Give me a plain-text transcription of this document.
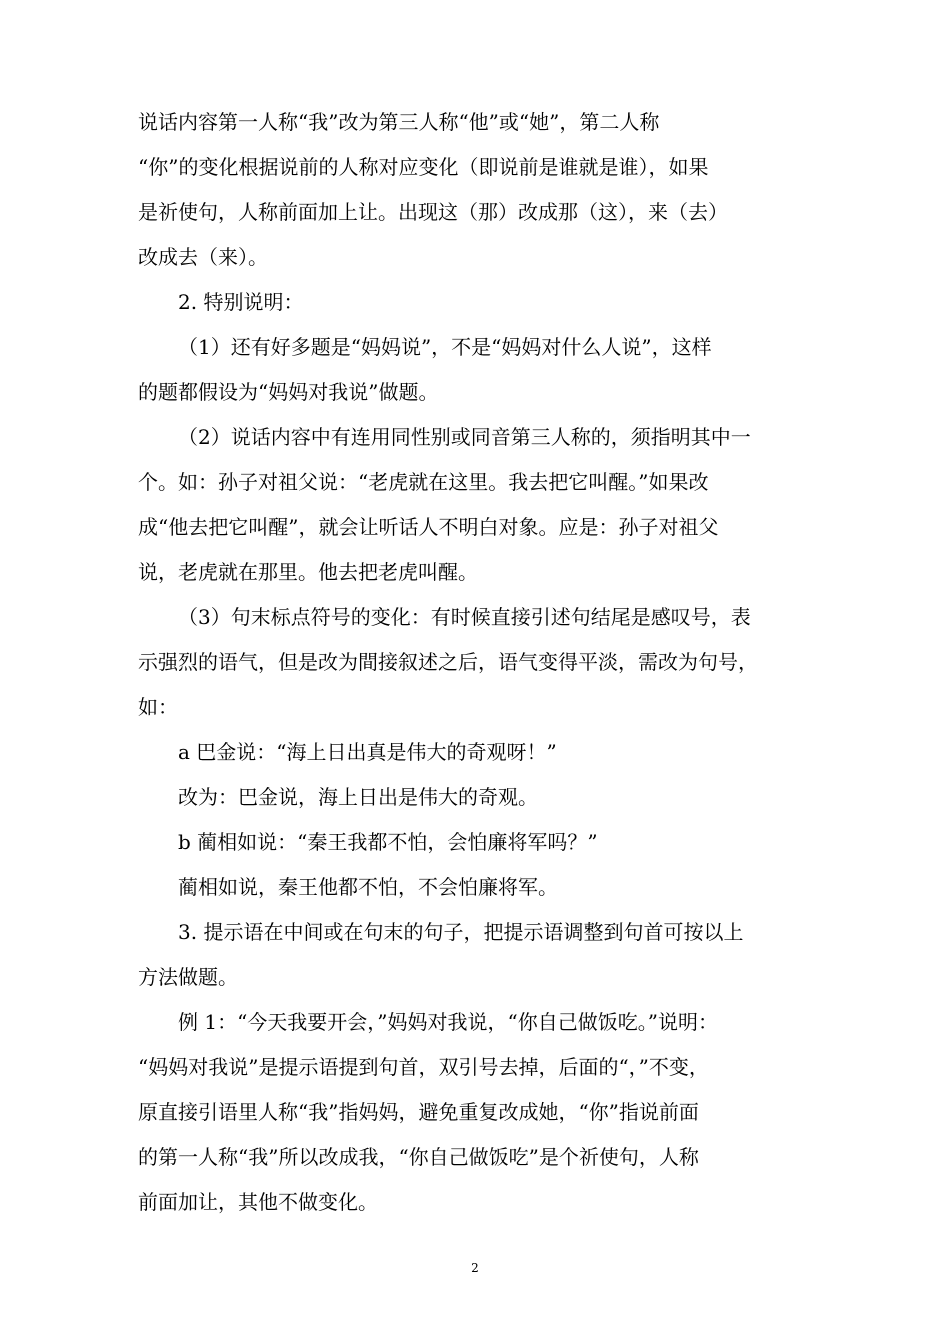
说话内容第一人称“我”改为第三人称“他”或“她”，第二人称
“你”的变化根据说前的人称对应变化（即说前是谁就是谁），如果
是祈使句，人称前面加上让。出现这（那）改成那（这），来（去）
改成去（来）。
2. 特别说明：
（1）还有好多题是“妈妈说”，不是“妈妈对什么人说”，这样
的题都假设为“妈妈对我说”做题。
（2）说话内容中有连用同性别或同音第三人称的，须指明其中一
个。如：孙子对祖父说：“老虎就在这里。我去把它叫醒。”如果改
成“他去把它叫醒”，就会让听话人不明白对象。应是：孙子对祖父
说，老虎就在那里。他去把老虎叫醒。
（3）句末标点符号的变化：有时候直接引述句结尾是感叹号，表
示强烈的语气，但是改为間接叙述之后，语气变得平淡，需改为句号，
如：
a 巴金说：“海上日出真是伟大的奇观呀！”
改为：巴金说，海上日出是伟大的奇观。
b 蔺相如说：“秦王我都不怕，会怕廉将军吗？”
蔺相如说，秦王他都不怕，不会怕廉将军。
3. 提示语在中间或在句末的句子，把提示语调整到句首可按以上
方法做题。
例 1：“今天我要开会，”妈妈对我说，“你自己做饭吃。”说明：
“妈妈对我说”是提示语提到句首，双引号去掉，后面的“，”不变，
原直接引语里人称“我”指妈妈，避免重复改成她，“你”指说前面
的第一人称“我”所以改成我，“你自己做饭吃”是个祈使句，人称
前面加让，其他不做变化。
2
